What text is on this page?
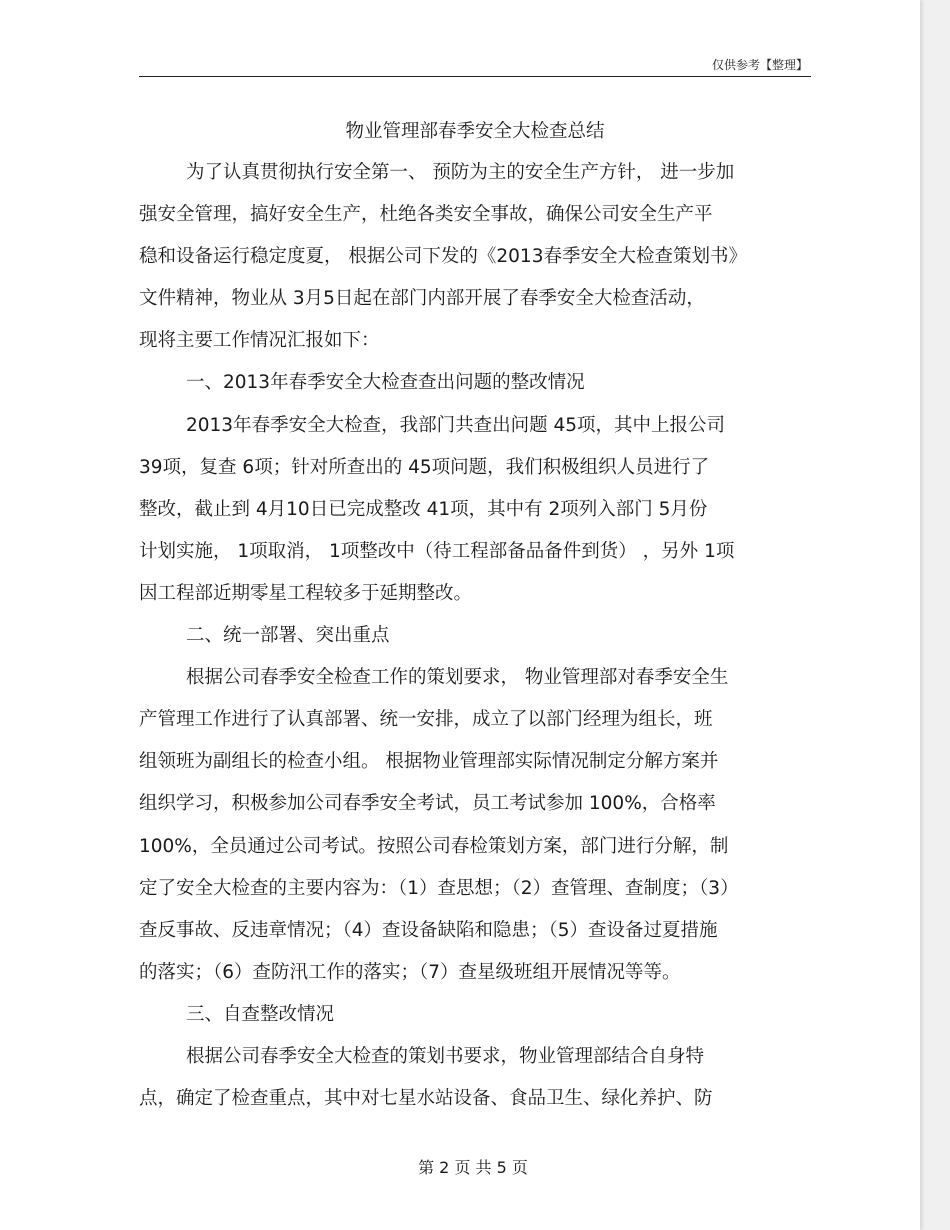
仅供参考【整理】
物业管理部春季安全大检查总结
为了认真贯彻执行安全第一、 预防为主的安全生产方针， 进一步加
强安全管理，搞好安全生产，杜绝各类安全事故，确保公司安全生产平
稳和设备运行稳定度夏， 根据公司下发的《2013春季安全大检查策划书》
文件精神，物业从 3月5日起在部门内部开展了春季安全大检查活动，
现将主要工作情况汇报如下：
一、2013年春季安全大检查查出问题的整改情况
2013年春季安全大检查，我部门共查出问题 45项，其中上报公司
39项，复查 6项；针对所查出的 45项问题，我们积极组织人员进行了
整改，截止到 4月10日已完成整改 41项，其中有 2项列入部门 5月份
计划实施， 1项取消， 1项整改中（待工程部备品备件到货） ，另外 1项
因工程部近期零星工程较多于延期整改。
二、统一部署、突出重点
根据公司春季安全检查工作的策划要求， 物业管理部对春季安全生
产管理工作进行了认真部署、统一安排，成立了以部门经理为组长，班
组领班为副组长的检查小组。 根据物业管理部实际情况制定分解方案并
组织学习，积极参加公司春季安全考试，员工考试参加 100%，合格率
100%，全员通过公司考试。按照公司春检策划方案，部门进行分解，制
定了安全大检查的主要内容为：（1）查思想；（2）查管理、查制度；（3）
查反事故、反违章情况；（4）查设备缺陷和隐患；（5）查设备过夏措施
的落实；（6）查防汛工作的落实；（7）查星级班组开展情况等等。
三、自查整改情况
根据公司春季安全大检查的策划书要求，物业管理部结合自身特
点，确定了检查重点，其中对七星水站设备、食品卫生、绿化养护、防
第 2 页 共 5 页
